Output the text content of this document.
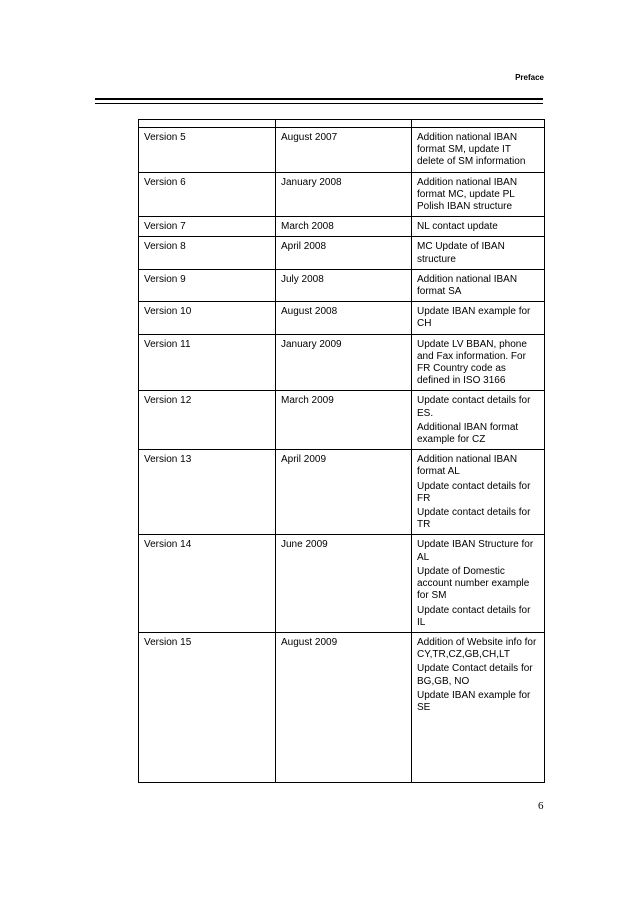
Preface

Version 5	August 2007	Addition national IBAN format SM, update IT delete of SM information

Version 6	January 2008	Addition national IBAN format MC, update PL Polish IBAN structure

Version 7	March 2008	NL contact update

Version 8	April 2008	MC Update of IBAN structure

Version 9	July 2008	Addition national IBAN format SA

Version 10	August 2008	Update IBAN example for CH

Version 11	January 2009	Update LV BBAN, phone and Fax information. For FR Country code as defined in ISO 3166

Version 12	March 2009	Update contact details for ES.
Additional IBAN format example for CZ

Version 13	April 2009	Addition national IBAN format AL
Update contact details for FR
Update contact details for TR

Version 14	June 2009	Update IBAN Structure for AL
Update of Domestic account number example for SM
Update contact details for IL

Version 15	August 2009	Addition of Website info for CY,TR,CZ,GB,CH,LT
Update Contact details for BG,GB, NO
Update IBAN example for SE
6
